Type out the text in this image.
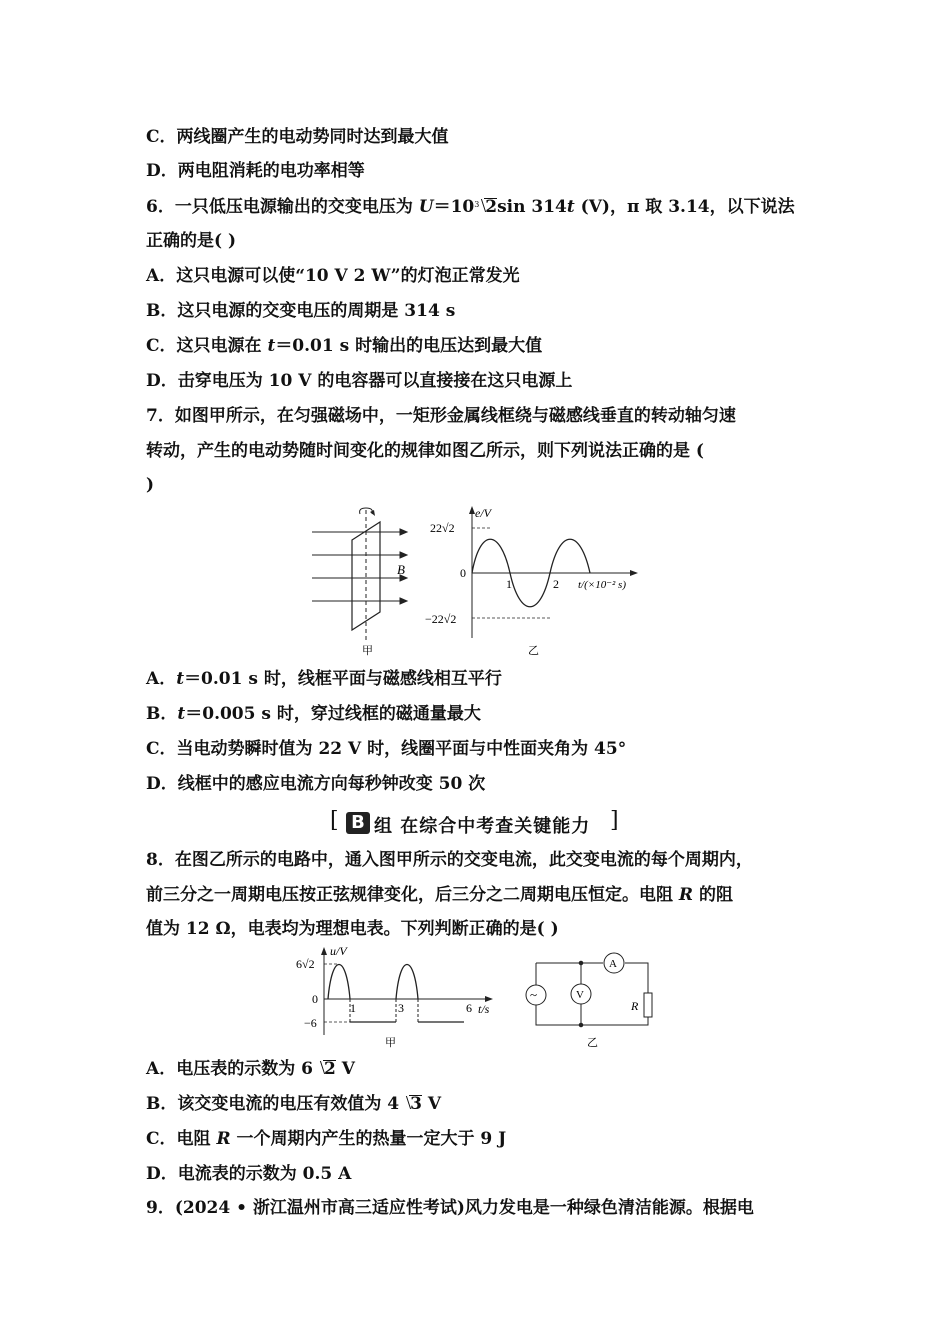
C．两线圈产生的电动势同时达到最大值
D．两电阻消耗的电功率相等
6．一只低压电源输出的交变电压为 U＝10 3 2sin 314t (V)，π 取 3.14，以下说法
正确的是( )
A．这只电源可以使“10 V 2 W”的灯泡正常发光
B．这只电源的交变电压的周期是 314 s
C．这只电源在 t＝0.01 s 时输出的电压达到最大值
D．击穿电压为 10 V 的电容器可以直接接在这只电源上
7．如图甲所示，在匀强磁场中，一矩形金属线框绕与磁感线垂直的转动轴匀速
转动，产生的电动势随时间变化的规律如图乙所示，则下列说法正确的是 (
)
B
甲
e/V
22√2
0
−22√2
1	2 t/(×10⁻² s)
乙
A．t＝0.01 s 时，线框平面与磁感线相互平行
B．t＝0.005 s 时，穿过线框的磁通量最大
C．当电动势瞬时值为 22 V 时，线圈平面与中性面夹角为 45°
D．线框中的感应电流方向每秒钟改变 50 次
[ B 组 在综合中考查关键能力 ]
8．在图乙所示的电路中，通入图甲所示的交变电流，此交变电流的每个周期内，
前三分之一周期电压按正弦规律变化，后三分之二周期电压恒定。电阻 R 的阻
值为 12 Ω，电表均为理想电表。下列判断正确的是( )
u/V
6√2
0
−6
1	3	6 t/s
甲
~
A
V
R
乙
A．电压表的示数为 6 2 V
B．该交变电流的电压有效值为 4 3 V
C．电阻 R 一个周期内产生的热量一定大于 9 J
D．电流表的示数为 0.5 A
9．(2024 • 浙江温州市高三适应性考试)风力发电是一种绿色清洁能源。根据电
